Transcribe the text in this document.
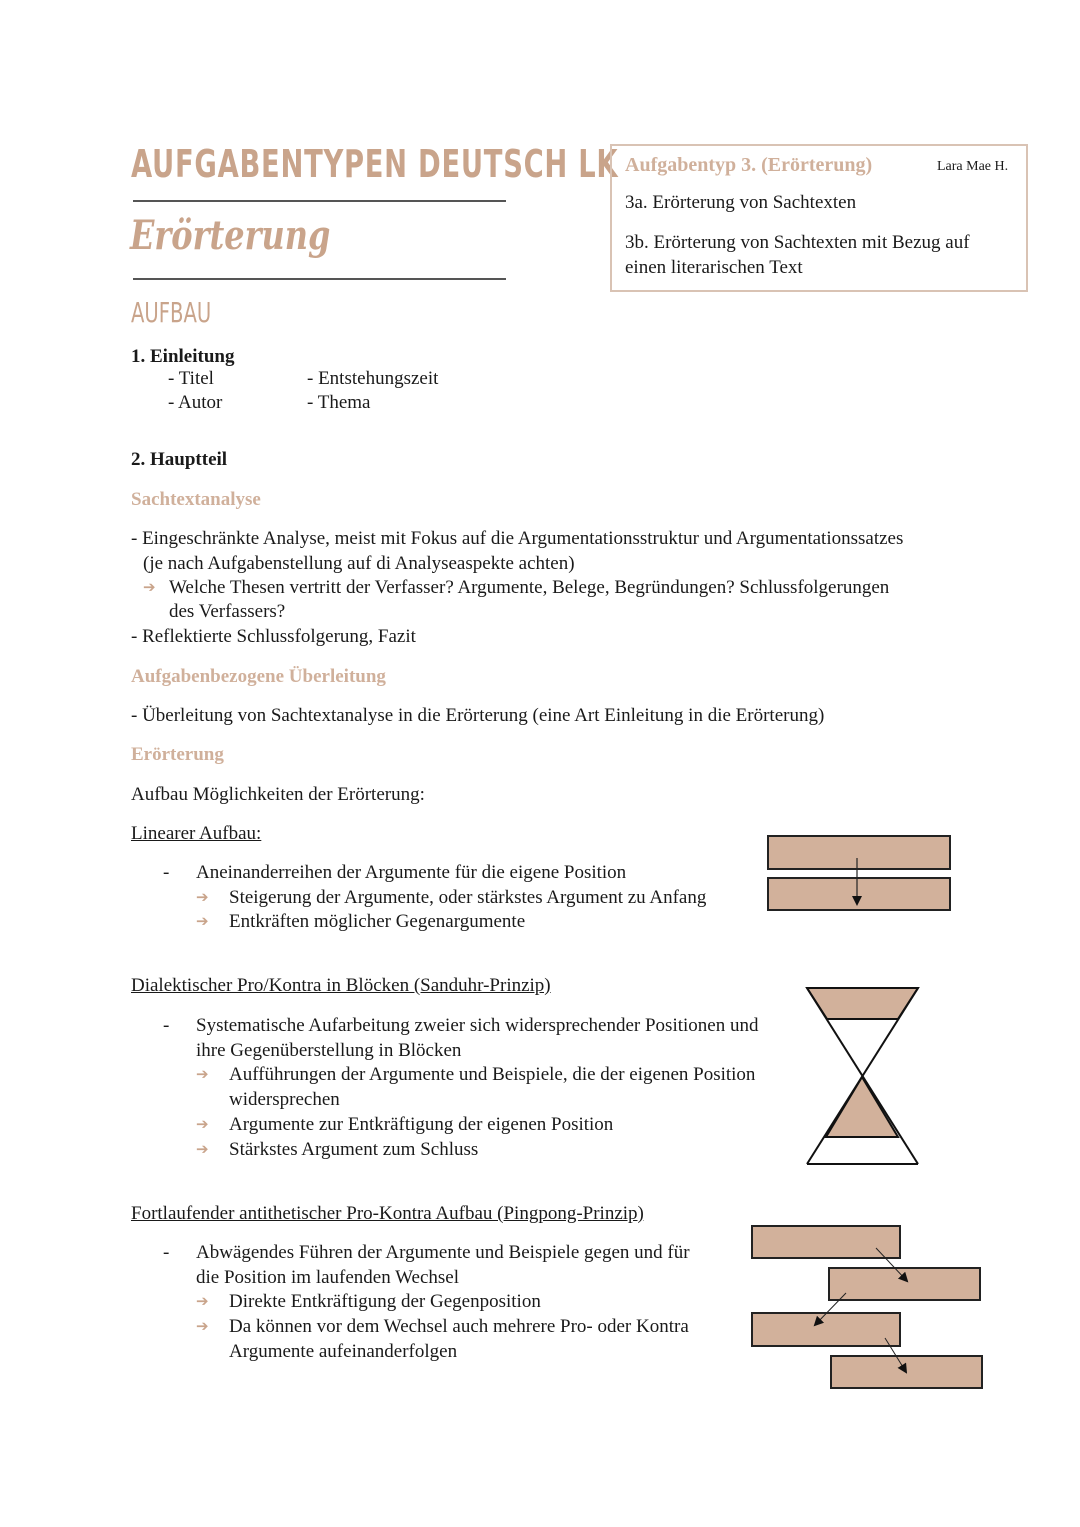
AUFGABENTYPEN DEUTSCH LK
Erörterung
AUFBAU
Aufgabentyp 3. (Erörterung)	Lara Mae H.
3a. Erörterung von Sachtexten
3b. Erörterung von Sachtexten mit Bezug auf
einen literarischen Text
1. Einleitung
- Titel
- Autor
- Entstehungszeit
- Thema
2. Hauptteil
Sachtextanalyse
- Eingeschränkte Analyse, meist mit Fokus auf die Argumentationsstruktur und Argumentationssatzes
(je nach Aufgabenstellung auf di Analyseaspekte achten)
➔ Welche Thesen vertritt der Verfasser? Argumente, Belege, Begründungen? Schlussfolgerungen
des Verfassers?
- Reflektierte Schlussfolgerung, Fazit
Aufgabenbezogene Überleitung
- Überleitung von Sachtextanalyse in die Erörterung (eine Art Einleitung in die Erörterung)
Erörterung
Aufbau Möglichkeiten der Erörterung:
Linearer Aufbau:
- Aneinanderreihen der Argumente für die eigene Position
➔ Steigerung der Argumente, oder stärkstes Argument zu Anfang
➔ Entkräften möglicher Gegenargumente
Dialektischer Pro/Kontra in Blöcken (Sanduhr-Prinzip)
- Systematische Aufarbeitung zweier sich widersprechender Positionen und
ihre Gegenüberstellung in Blöcken
➔ Aufführungen der Argumente und Beispiele, die der eigenen Position
widersprechen
➔ Argumente zur Entkräftigung der eigenen Position
➔ Stärkstes Argument zum Schluss
Fortlaufender antithetischer Pro-Kontra Aufbau (Pingpong-Prinzip)
- Abwägendes Führen der Argumente und Beispiele gegen und für
die Position im laufenden Wechsel
➔ Direkte Entkräftigung der Gegenposition
➔ Da können vor dem Wechsel auch mehrere Pro- oder Kontra
Argumente aufeinanderfolgen
